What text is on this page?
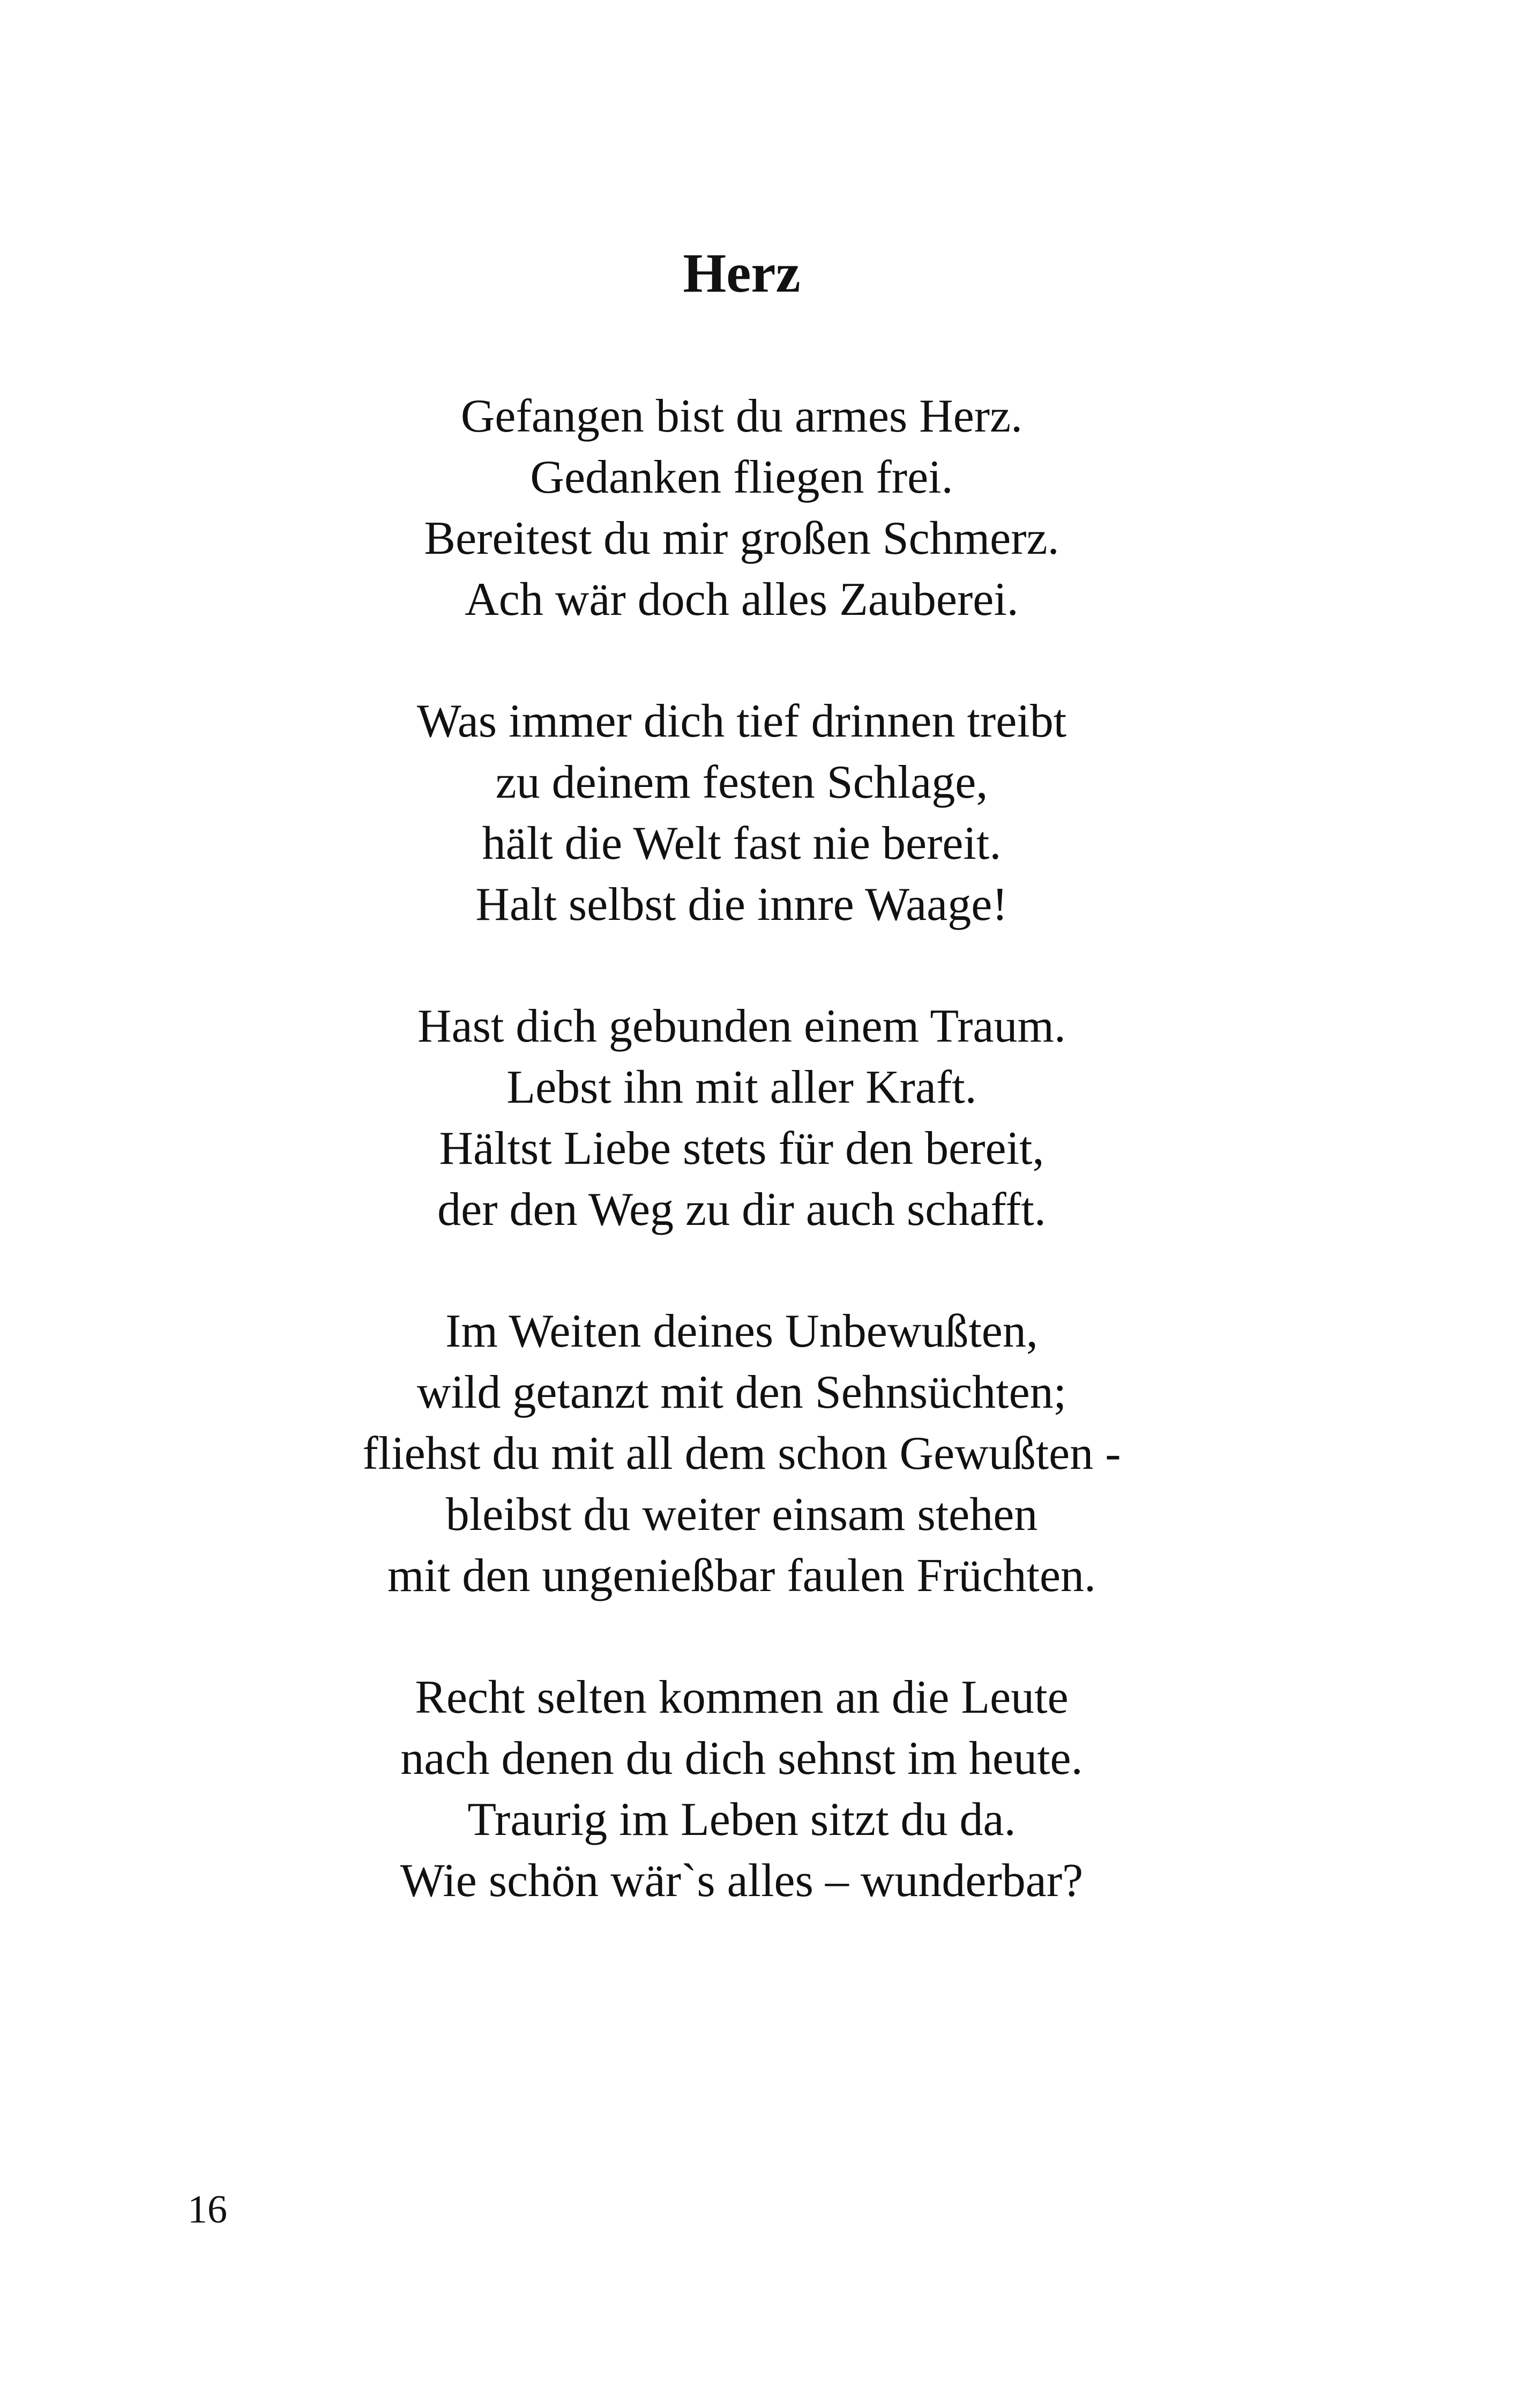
Herz
Gefangen bist du armes Herz.
Gedanken fliegen frei.
Bereitest du mir großen Schmerz.
Ach wär doch alles Zauberei.
Was immer dich tief drinnen treibt
zu deinem festen Schlage,
hält die Welt fast nie bereit.
Halt selbst die innre Waage!
Hast dich gebunden einem Traum.
Lebst ihn mit aller Kraft.
Hältst Liebe stets für den bereit,
der den Weg zu dir auch schafft.
Im Weiten deines Unbewußten,
wild getanzt mit den Sehnsüchten;
fliehst du mit all dem schon Gewußten -
bleibst du weiter einsam stehen
mit den ungenießbar faulen Früchten.
Recht selten kommen an die Leute
nach denen du dich sehnst im heute.
Traurig im Leben sitzt du da.
Wie schön wär`s alles – wunderbar?
16
